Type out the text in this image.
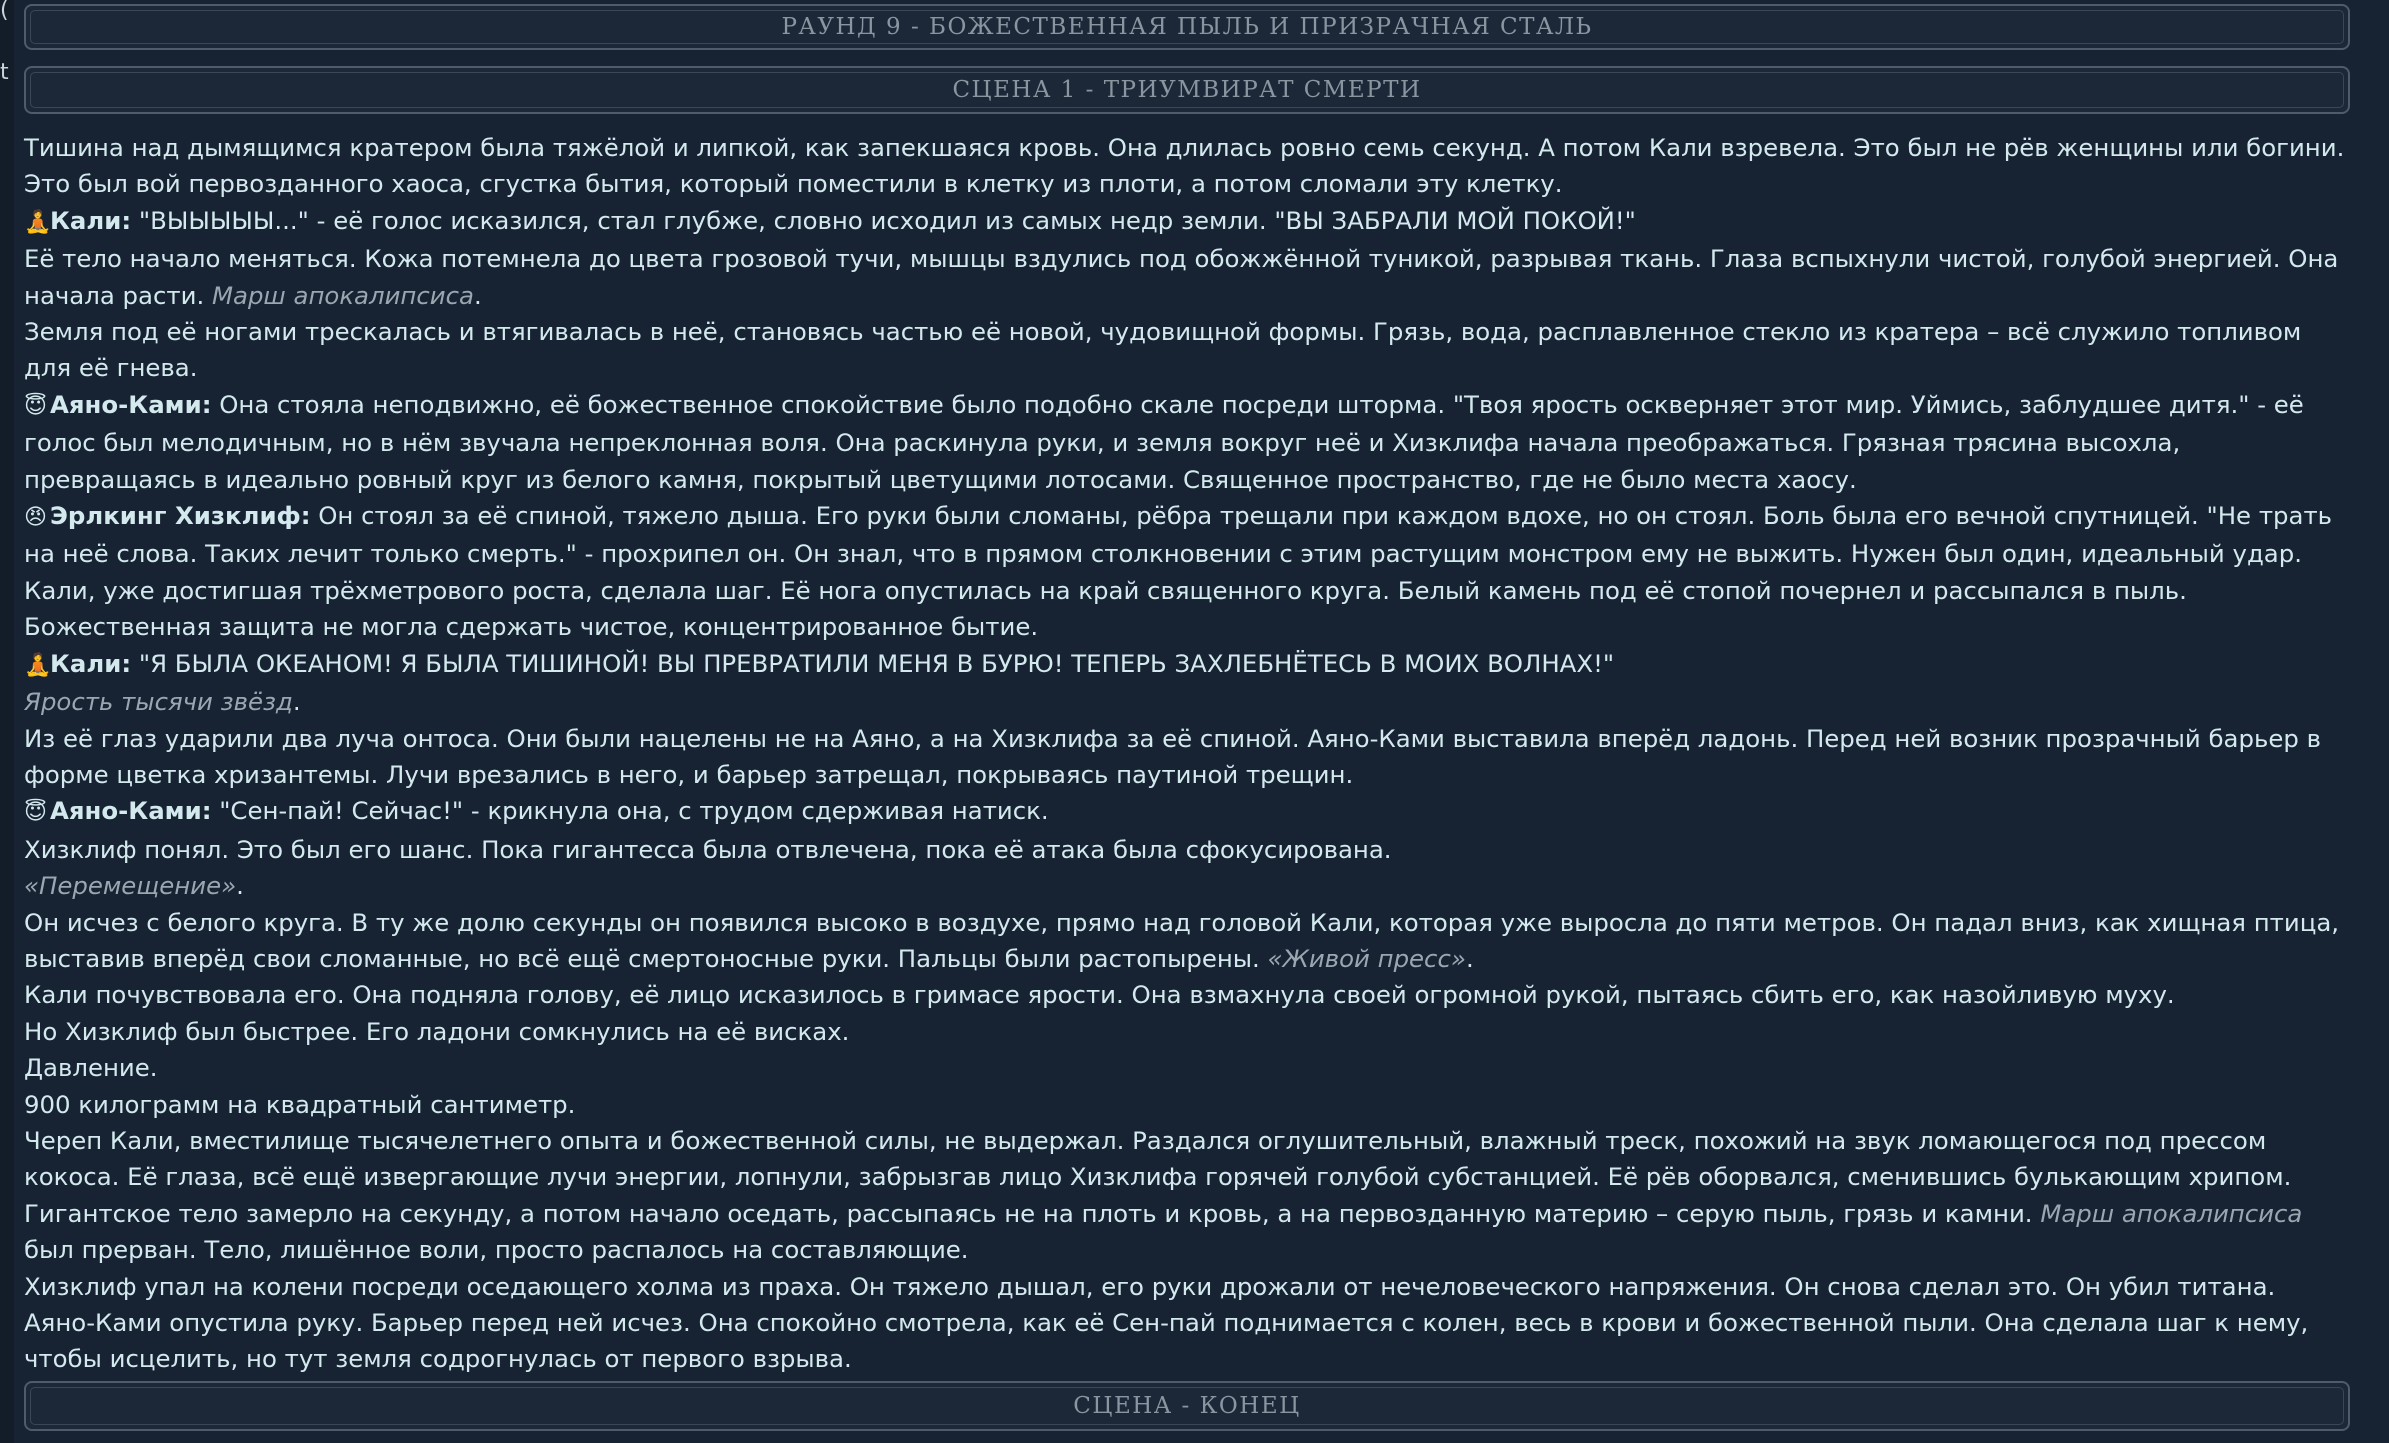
(
t
РАУНД 9 - БОЖЕСТВЕННАЯ ПЫЛЬ И ПРИЗРАЧНАЯ СТАЛЬ
СЦЕНА 1 - ТРИУМВИРАТ СМЕРТИ

Тишина над дымящимся кратером была тяжёлой и липкой, как запекшаяся кровь. Она длилась ровно семь секунд. А потом Кали взревела. Это был не рёв женщины или богини. Это был вой первозданного хаоса, сгустка бытия, который поместили в клетку из плоти, а потом сломали эту клетку.

🧘Кали: "ВЫЫЫЫЫ..." - её голос исказился, стал глубже, словно исходил из самых недр земли. "ВЫ ЗАБРАЛИ МОЙ ПОКОЙ!"

Её тело начало меняться. Кожа потемнела до цвета грозовой тучи, мышцы вздулись под обожжённой туникой, разрывая ткань. Глаза вспыхнули чистой, голубой энергией. Она начала расти. Марш апокалипсиса.

Земля под её ногами трескалась и втягивалась в неё, становясь частью её новой, чудовищной формы. Грязь, вода, расплавленное стекло из кратера – всё служило топливом для её гнева.

😇 Аяно-Ками: Она стояла неподвижно, её божественное спокойствие было подобно скале посреди шторма. "Твоя ярость оскверняет этот мир. Уймись, заблудшее дитя." - её голос был мелодичным, но в нём звучала непреклонная воля. Она раскинула руки, и земля вокруг неё и Хизклифа начала преображаться. Грязная трясина высохла, превращаясь в идеально ровный круг из белого камня, покрытый цветущими лотосами. Священное пространство, где не было места хаосу.

😠 Эрлкинг Хизклиф: Он стоял за её спиной, тяжело дыша. Его руки были сломаны, рёбра трещали при каждом вдохе, но он стоял. Боль была его вечной спутницей. "Не трать на неё слова. Таких лечит только смерть." - прохрипел он. Он знал, что в прямом столкновении с этим растущим монстром ему не выжить. Нужен был один, идеальный удар.

Кали, уже достигшая трёхметрового роста, сделала шаг. Её нога опустилась на край священного круга. Белый камень под её стопой почернел и рассыпался в пыль. Божественная защита не могла сдержать чистое, концентрированное бытие.

🧘Кали: "Я БЫЛА ОКЕАНОМ! Я БЫЛА ТИШИНОЙ! ВЫ ПРЕВРАТИЛИ МЕНЯ В БУРЮ! ТЕПЕРЬ ЗАХЛЕБНЁТЕСЬ В МОИХ ВОЛНАХ!"

Ярость тысячи звёзд.

Из её глаз ударили два луча онтоса. Они были нацелены не на Аяно, а на Хизклифа за её спиной. Аяно-Ками выставила вперёд ладонь. Перед ней возник прозрачный барьер в форме цветка хризантемы. Лучи врезались в него, и барьер затрещал, покрываясь паутиной трещин.

😇 Аяно-Ками: "Сен-пай! Сейчас!" - крикнула она, с трудом сдерживая натиск.

Хизклиф понял. Это был его шанс. Пока гигантесса была отвлечена, пока её атака была сфокусирована.

«Перемещение».

Он исчез с белого круга. В ту же долю секунды он появился высоко в воздухе, прямо над головой Кали, которая уже выросла до пяти метров. Он падал вниз, как хищная птица, выставив вперёд свои сломанные, но всё ещё смертоносные руки. Пальцы были растопырены. «Живой пресс».

Кали почувствовала его. Она подняла голову, её лицо исказилось в гримасе ярости. Она взмахнула своей огромной рукой, пытаясь сбить его, как назойливую муху.

Но Хизклиф был быстрее. Его ладони сомкнулись на её висках.

Давление.

900 килограмм на квадратный сантиметр.

Череп Кали, вместилище тысячелетнего опыта и божественной силы, не выдержал. Раздался оглушительный, влажный треск, похожий на звук ломающегося под прессом кокоса. Её глаза, всё ещё извергающие лучи энергии, лопнули, забрызгав лицо Хизклифа горячей голубой субстанцией. Её рёв оборвался, сменившись булькающим хрипом.

Гигантское тело замерло на секунду, а потом начало оседать, рассыпаясь не на плоть и кровь, а на первозданную материю – серую пыль, грязь и камни. Марш апокалипсиса был прерван. Тело, лишённое воли, просто распалось на составляющие.

Хизклиф упал на колени посреди оседающего холма из праха. Он тяжело дышал, его руки дрожали от нечеловеческого напряжения. Он снова сделал это. Он убил титана.

Аяно-Ками опустила руку. Барьер перед ней исчез. Она спокойно смотрела, как её Сен-пай поднимается с колен, весь в крови и божественной пыли. Она сделала шаг к нему, чтобы исцелить, но тут земля содрогнулась от первого взрыва.

СЦЕНА - КОНЕЦ
